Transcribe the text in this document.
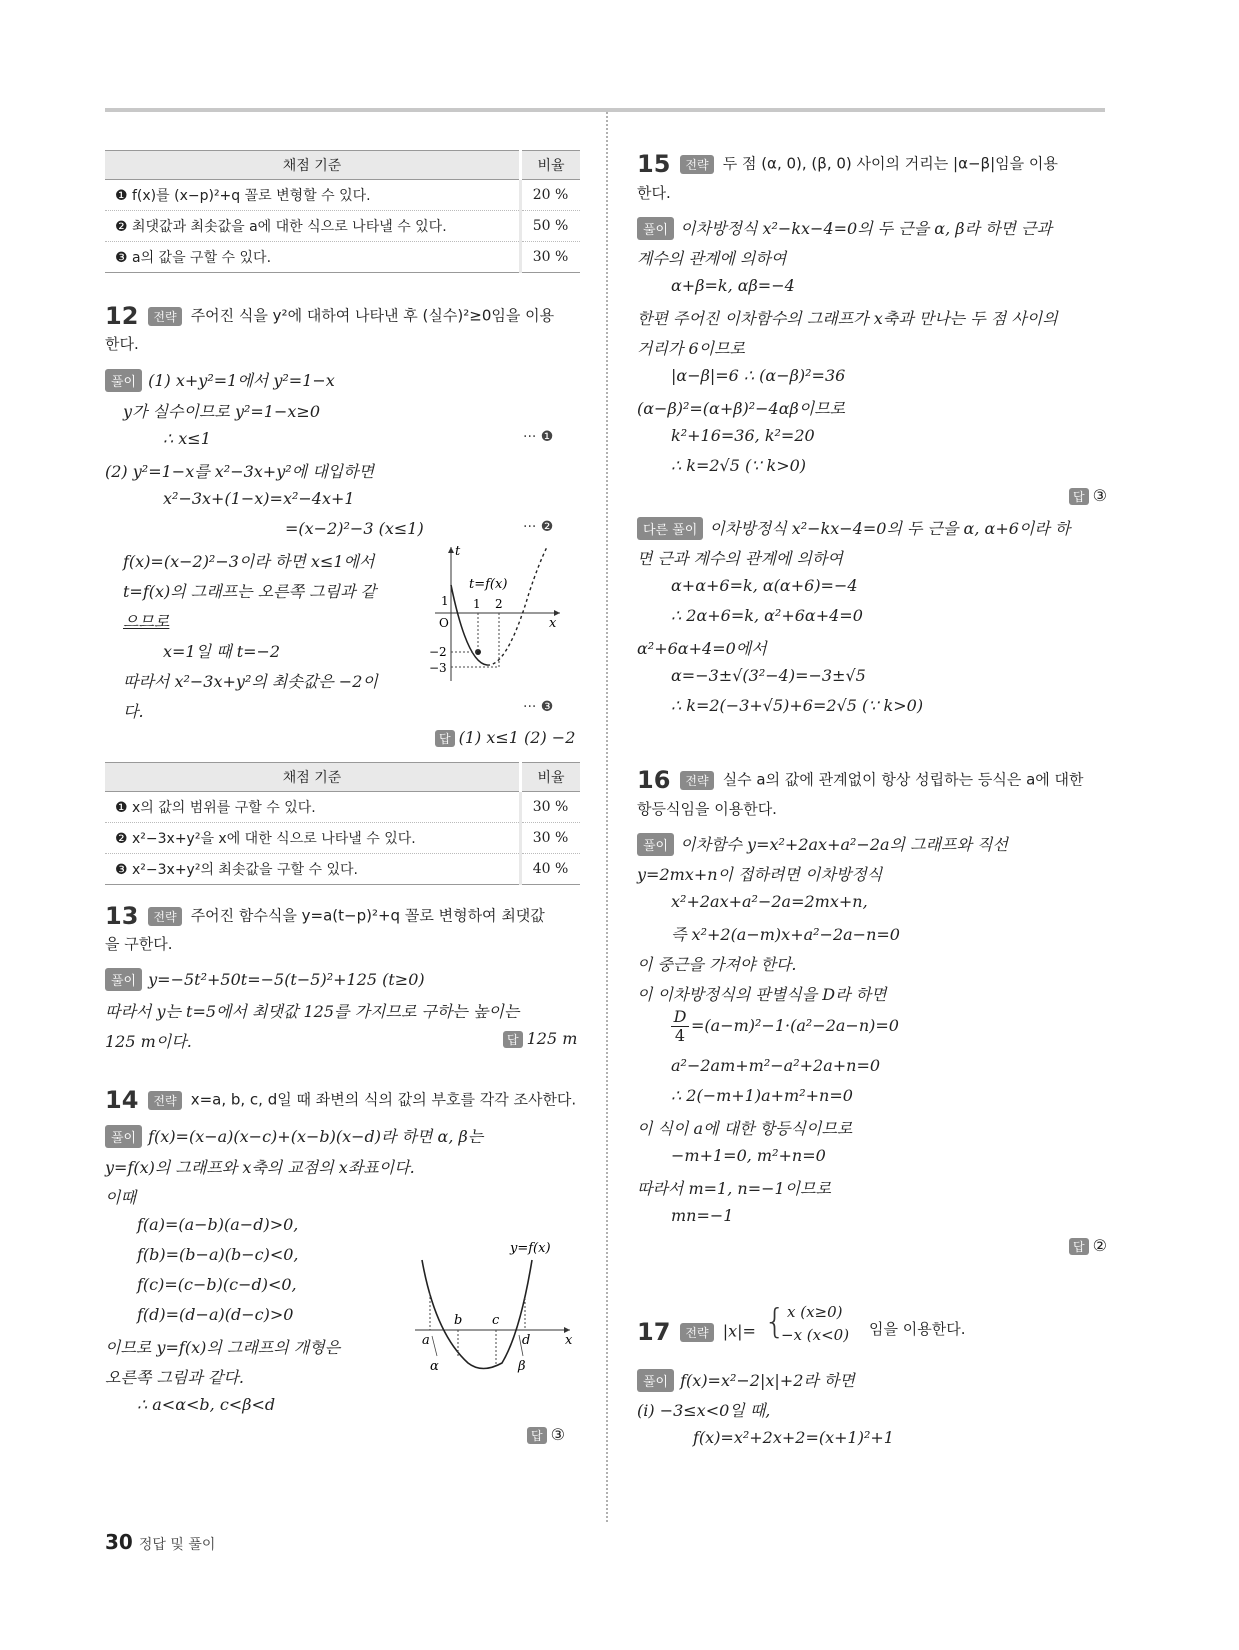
채점 기준	비율
❶ f(x)를 (x−p)²+q 꼴로 변형할 수 있다.	20 %
❷ 최댓값과 최솟값을 a에 대한 식으로 나타낼 수 있다.	50 %
❸ a의 값을 구할 수 있다.	30 %
12 전략 주어진 식을 y²에 대하여 나타낸 후 (실수)²≥0임을 이용
한다.
풀이 (1) x+y²=1에서 y²=1−x
y가 실수이므로 y²=1−x≥0
∴ x≤1	··· ❶
(2) y²=1−x를 x²−3x+y²에 대입하면
x²−3x+(1−x)=x²−4x+1
=(x−2)²−3 (x≤1)	··· ❷
f(x)=(x−2)²−3이라 하면 x≤1에서
t=f(x)의 그래프는 오른쪽 그림과 같
으므로
x=1일 때 t=−2
따라서 x²−3x+y²의 최솟값은 −2이
다.	··· ❸
t
t=f(x)
1 1 2
O	x
−2
−3
답 (1) x≤1 (2) −2
채점 기준	비율
❶ x의 값의 범위를 구할 수 있다.	30 %
❷ x²−3x+y²을 x에 대한 식으로 나타낼 수 있다.	30 %
❸ x²−3x+y²의 최솟값을 구할 수 있다.	40 %
13 전략 주어진 함수식을 y=a(t−p)²+q 꼴로 변형하여 최댓값
을 구한다.
풀이 y=−5t²+50t=−5(t−5)²+125 (t≥0)
따라서 y는 t=5에서 최댓값 125를 가지므로 구하는 높이는
125 m이다.	답 125 m
14 전략 x=a, b, c, d일 때 좌변의 식의 값의 부호를 각각 조사한다.
풀이 f(x)=(x−a)(x−c)+(x−b)(x−d)라 하면 α, β는
y=f(x)의 그래프와 x축의 교점의 x좌표이다.
이때
f(a)=(a−b)(a−d)>0,
f(b)=(b−a)(b−c)<0,
f(c)=(c−b)(c−d)<0,
f(d)=(d−a)(d−c)>0
이므로 y=f(x)의 그래프의 개형은
오른쪽 그림과 같다.
∴ a<α<b, c<β<d
y=f(x)
a
b c
d	x
α	β
답 ③
15 전략 두 점 (α, 0), (β, 0) 사이의 거리는 |α−β|임을 이용
한다.
풀이 이차방정식 x²−kx−4=0의 두 근을 α, β라 하면 근과
계수의 관계에 의하여
α+β=k, αβ=−4
한편 주어진 이차함수의 그래프가 x축과 만나는 두 점 사이의
거리가 6이므로
|α−β|=6 ∴ (α−β)²=36
(α−β)²=(α+β)²−4αβ이므로
k²+16=36, k²=20
∴ k=2√5 (∵ k>0)
답 ③
다른 풀이 이차방정식 x²−kx−4=0의 두 근을 α, α+6이라 하
면 근과 계수의 관계에 의하여
α+α+6=k, α(α+6)=−4
∴ 2α+6=k, α²+6α+4=0
α²+6α+4=0에서
α=−3±√(3²−4)=−3±√5
∴ k=2(−3+√5)+6=2√5 (∵ k>0)
16 전략 실수 a의 값에 관계없이 항상 성립하는 등식은 a에 대한
항등식임을 이용한다.
풀이 이차함수 y=x²+2ax+a²−2a의 그래프와 직선
y=2mx+n이 접하려면 이차방정식
x²+2ax+a²−2a=2mx+n,
즉 x²+2(a−m)x+a²−2a−n=0
이 중근을 가져야 한다.
이 이차방정식의 판별식을 D라 하면
D
4
=(a−m)²−1·(a²−2a−n)=0
a²−2am+m²−a²+2a+n=0
∴ 2(−m+1)a+m²+n=0
이 식이 a에 대한 항등식이므로
−m+1=0, m²+n=0
따라서 m=1, n=−1이므로
mn=−1
답 ②
17 전략 |x|= { x (x≥0)
−x (x<0) 임을 이용한다.
풀이 f(x)=x²−2|x|+2라 하면
(i) −3≤x<0일 때,
f(x)=x²+2x+2=(x+1)²+1
30 정답 및 풀이
